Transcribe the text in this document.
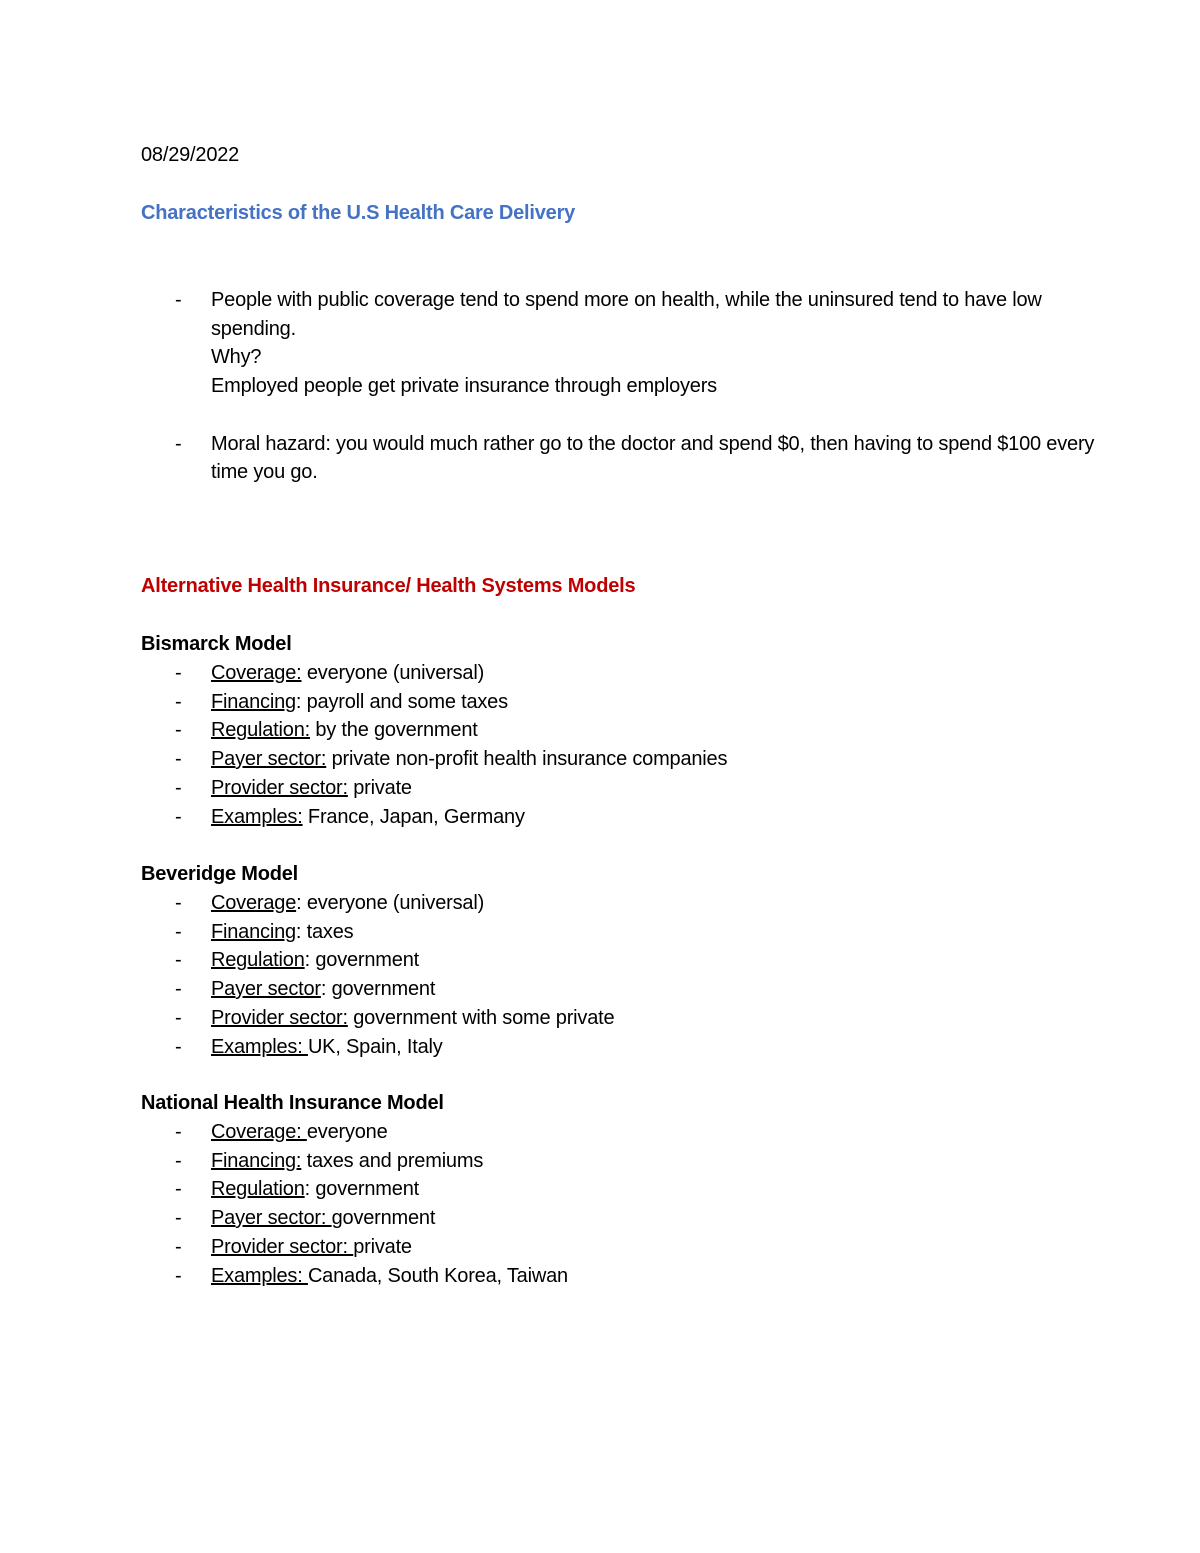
08/29/2022
Characteristics of the U.S Health Care Delivery
- People with public coverage tend to spend more on health, while the uninsured tend to have low spending.
Why?
Employed people get private insurance through employers
- Moral hazard: you would much rather go to the doctor and spend $0, then having to spend $100 every time you go.
Alternative Health Insurance/ Health Systems Models
Bismarck Model
- Coverage: everyone (universal)
- Financing: payroll and some taxes
- Regulation: by the government
- Payer sector: private non-profit health insurance companies
- Provider sector: private
- Examples: France, Japan, Germany
Beveridge Model
- Coverage: everyone (universal)
- Financing: taxes
- Regulation: government
- Payer sector: government
- Provider sector: government with some private
- Examples: UK, Spain, Italy
National Health Insurance Model
- Coverage: everyone
- Financing: taxes and premiums
- Regulation: government
- Payer sector: government
- Provider sector: private
- Examples: Canada, South Korea, Taiwan
